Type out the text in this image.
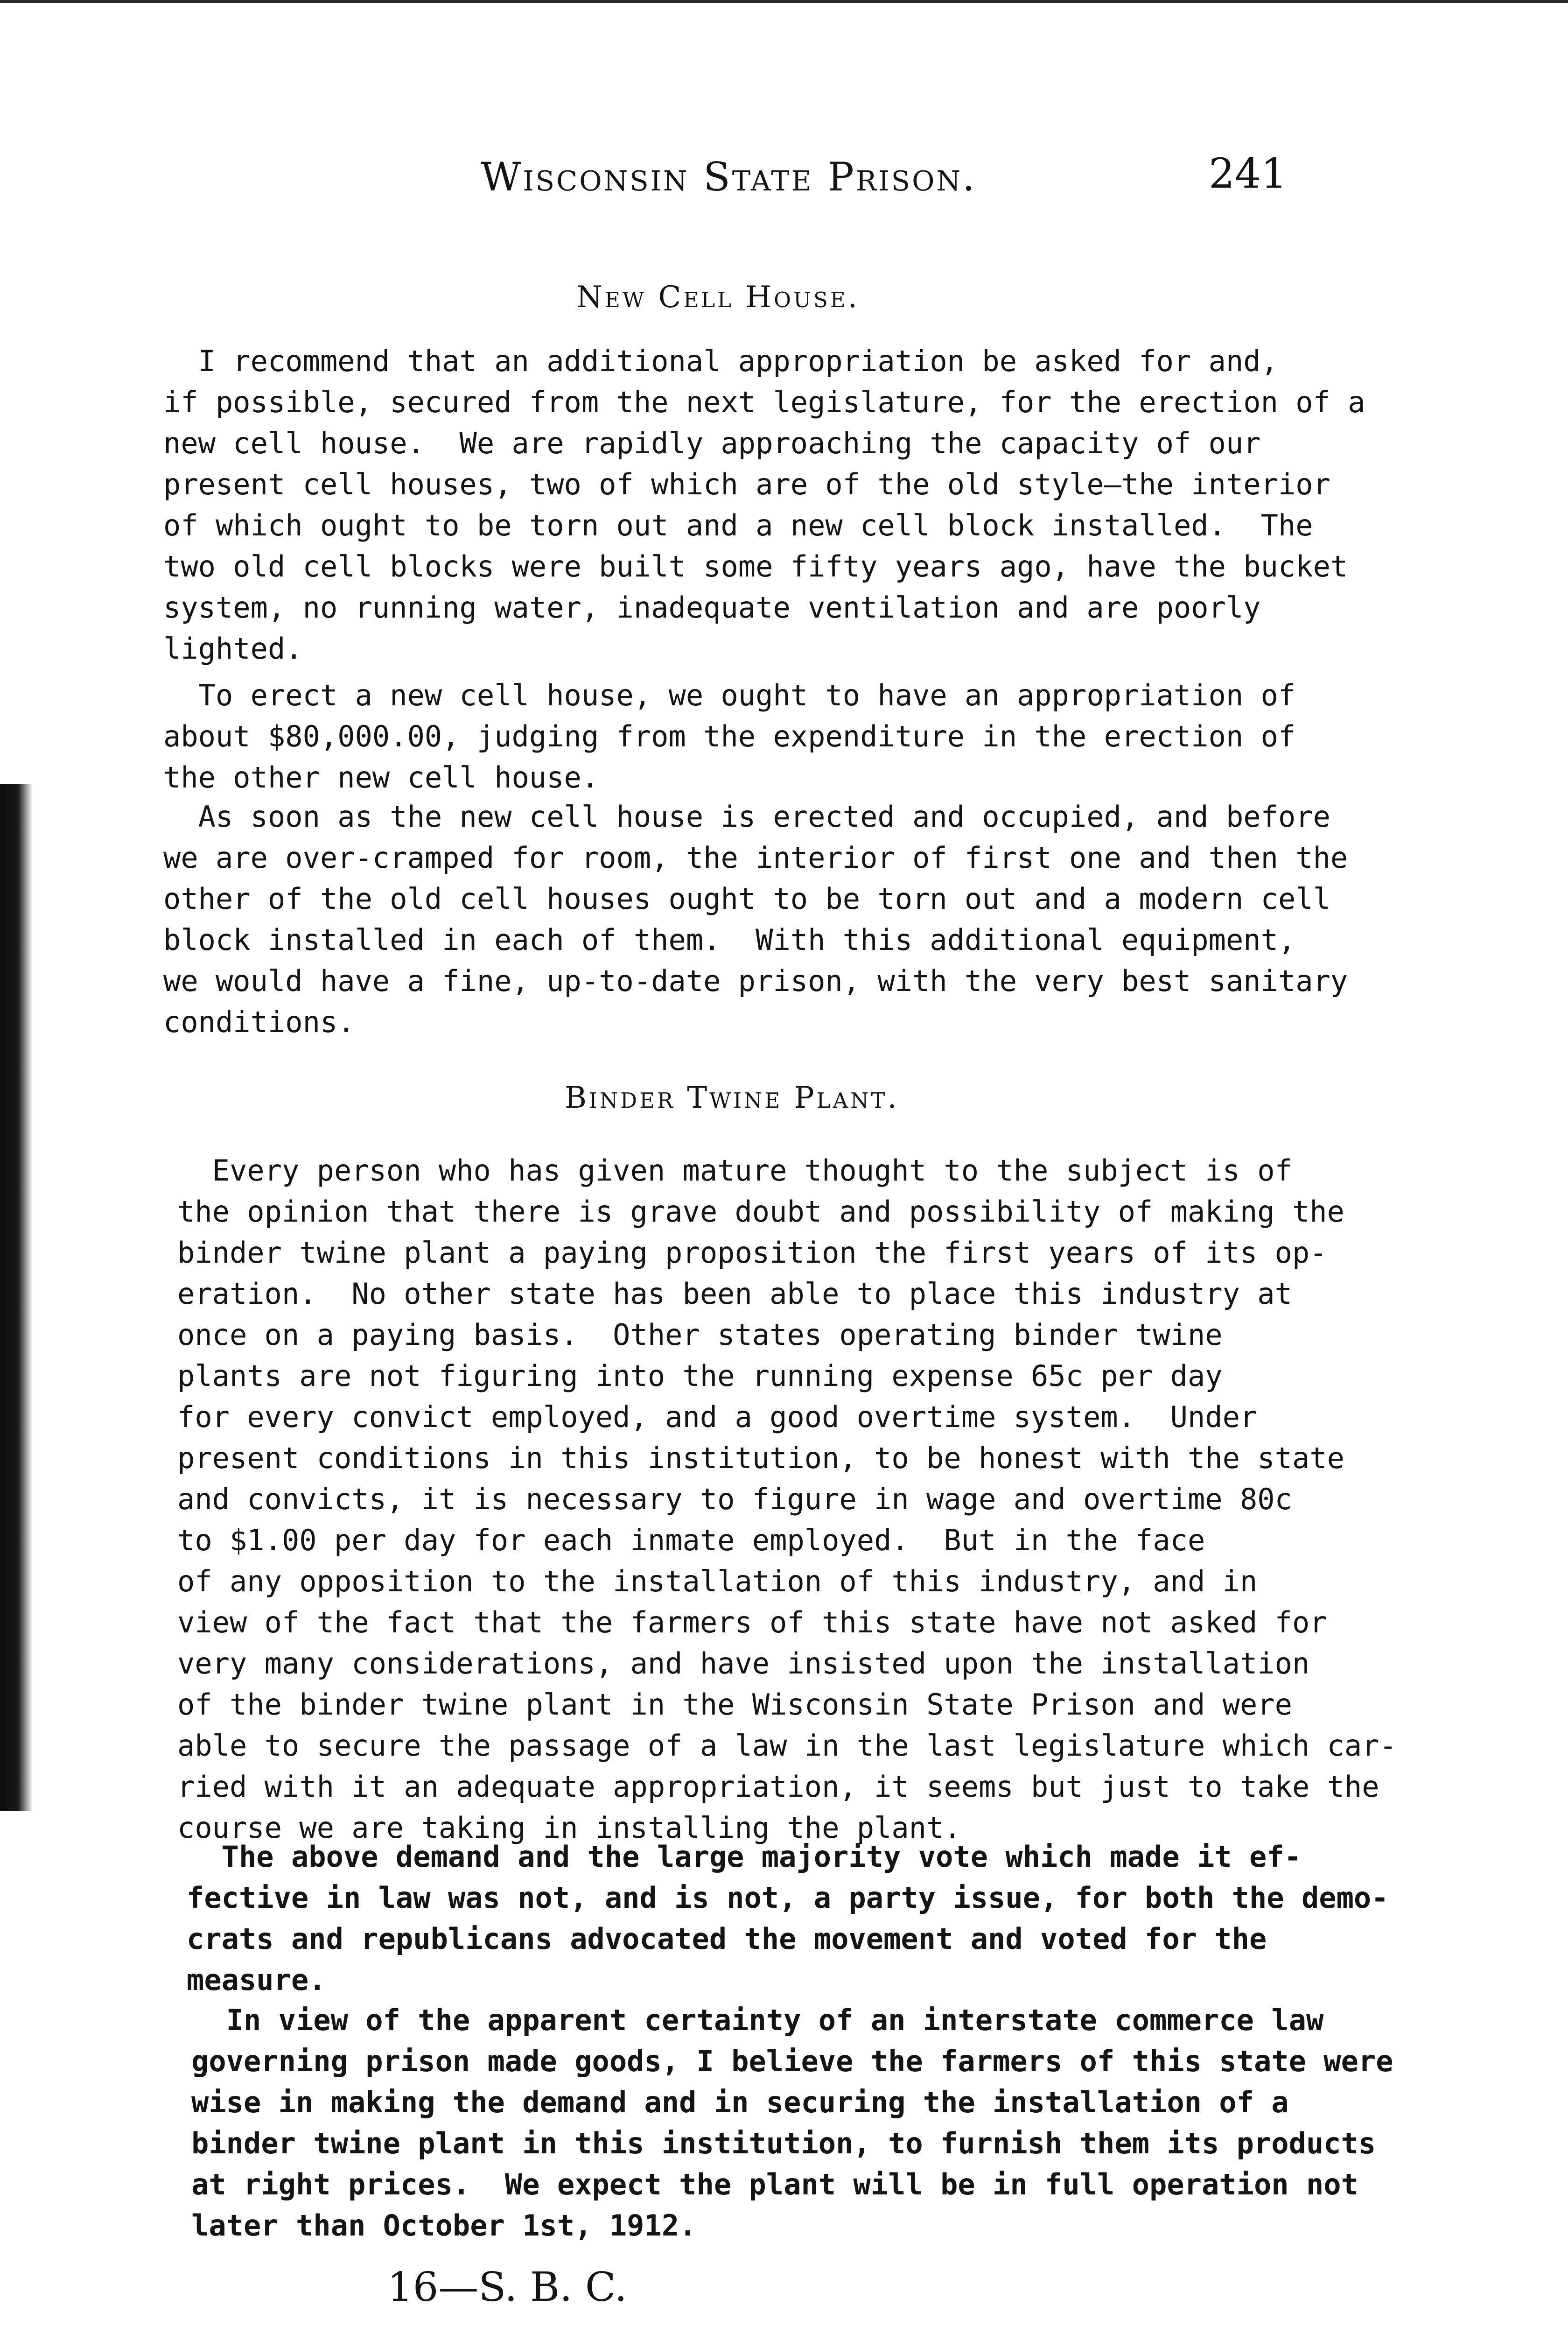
Wisconsin State Prison.	241
New Cell House.
I recommend that an additional appropriation be asked for and,
if possible, secured from the next legislature, for the erection of a
new cell house.  We are rapidly approaching the capacity of our
present cell houses, two of which are of the old style—the interior
of which ought to be torn out and a new cell block installed.  The
two old cell blocks were built some fifty years ago, have the bucket
system, no running water, inadequate ventilation and are poorly
lighted.
To erect a new cell house, we ought to have an appropriation of
about $80,000.00, judging from the expenditure in the erection of
the other new cell house.
As soon as the new cell house is erected and occupied, and before
we are over-cramped for room, the interior of first one and then the
other of the old cell houses ought to be torn out and a modern cell
block installed in each of them.  With this additional equipment,
we would have a fine, up-to-date prison, with the very best sanitary
conditions.
Binder Twine Plant.
Every person who has given mature thought to the subject is of
the opinion that there is grave doubt and possibility of making the
binder twine plant a paying proposition the first years of its op-
eration.  No other state has been able to place this industry at
once on a paying basis.  Other states operating binder twine
plants are not figuring into the running expense 65c per day
for every convict employed, and a good overtime system.  Under
present conditions in this institution, to be honest with the state
and convicts, it is necessary to figure in wage and overtime 80c
to $1.00 per day for each inmate employed.  But in the face
of any opposition to the installation of this industry, and in
view of the fact that the farmers of this state have not asked for
very many considerations, and have insisted upon the installation
of the binder twine plant in the Wisconsin State Prison and were
able to secure the passage of a law in the last legislature which car-
ried with it an adequate appropriation, it seems but just to take the
course we are taking in installing the plant.
The above demand and the large majority vote which made it ef-
fective in law was not, and is not, a party issue, for both the demo-
crats and republicans advocated the movement and voted for the
measure.
In view of the apparent certainty of an interstate commerce law
governing prison made goods, I believe the farmers of this state were
wise in making the demand and in securing the installation of a
binder twine plant in this institution, to furnish them its products
at right prices.  We expect the plant will be in full operation not
later than October 1st, 1912.
16—S. B. C.
